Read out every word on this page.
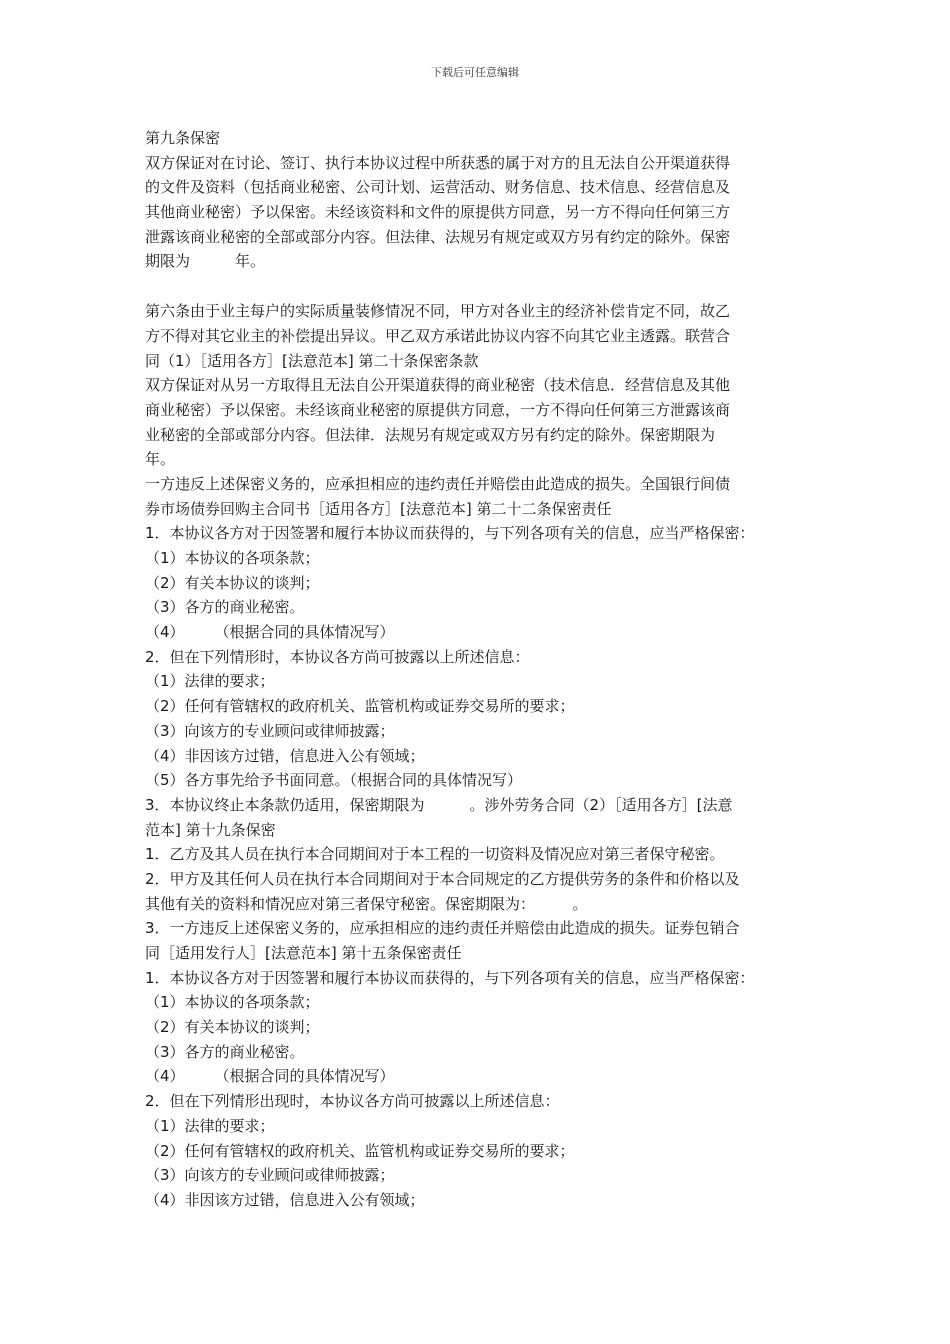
下载后可任意编辑
第九条保密
双方保证对在讨论、签订、执行本协议过程中所获悉的属于对方的且无法自公开渠道获得
的文件及资料（包括商业秘密、公司计划、运营活动、财务信息、技术信息、经营信息及
其他商业秘密）予以保密。未经该资料和文件的原提供方同意，另一方不得向任何第三方
泄露该商业秘密的全部或部分内容。但法律、法规另有规定或双方另有约定的除外。保密
期限为　　　年。
第六条由于业主每户的实际质量装修情况不同，甲方对各业主的经济补偿肯定不同，故乙
方不得对其它业主的补偿提出异议。甲乙双方承诺此协议内容不向其它业主透露。联营合
同（1）［适用各方］[法意范本] 第二十条保密条款
双方保证对从另一方取得且无法自公开渠道获得的商业秘密（技术信息．经营信息及其他
商业秘密）予以保密。未经该商业秘密的原提供方同意，一方不得向任何第三方泄露该商
业秘密的全部或部分内容。但法律．法规另有规定或双方另有约定的除外。保密期限为
年。
一方违反上述保密义务的，应承担相应的违约责任并赔偿由此造成的损失。全国银行间债
券市场债券回购主合同书［适用各方］[法意范本] 第二十二条保密责任
1．本协议各方对于因签署和履行本协议而获得的，与下列各项有关的信息，应当严格保密：
（1）本协议的各项条款；
（2）有关本协议的谈判；
（3）各方的商业秘密。
（4）　　　（根据合同的具体情况写）
2．但在下列情形时，本协议各方尚可披露以上所述信息：
（1）法律的要求；
（2）任何有管辖权的政府机关、监管机构或证券交易所的要求；
（3）向该方的专业顾问或律师披露；
（4）非因该方过错，信息进入公有领域；
（5）各方事先给予书面同意。（根据合同的具体情况写）
3．本协议终止本条款仍适用，保密期限为　　　。涉外劳务合同（2）［适用各方］[法意
范本] 第十九条保密
1．乙方及其人员在执行本合同期间对于本工程的一切资料及情况应对第三者保守秘密。
2．甲方及其任何人员在执行本合同期间对于本合同规定的乙方提供劳务的条件和价格以及
其他有关的资料和情况应对第三者保守秘密。保密期限为：　　　。
3．一方违反上述保密义务的，应承担相应的违约责任并赔偿由此造成的损失。证券包销合
同［适用发行人］[法意范本] 第十五条保密责任
1．本协议各方对于因签署和履行本协议而获得的，与下列各项有关的信息，应当严格保密：
（1）本协议的各项条款；
（2）有关本协议的谈判；
（3）各方的商业秘密。
（4）　　　（根据合同的具体情况写）
2．但在下列情形出现时，本协议各方尚可披露以上所述信息：
（1）法律的要求；
（2）任何有管辖权的政府机关、监管机构或证券交易所的要求；
（3）向该方的专业顾问或律师披露；
（4）非因该方过错，信息进入公有领域；
